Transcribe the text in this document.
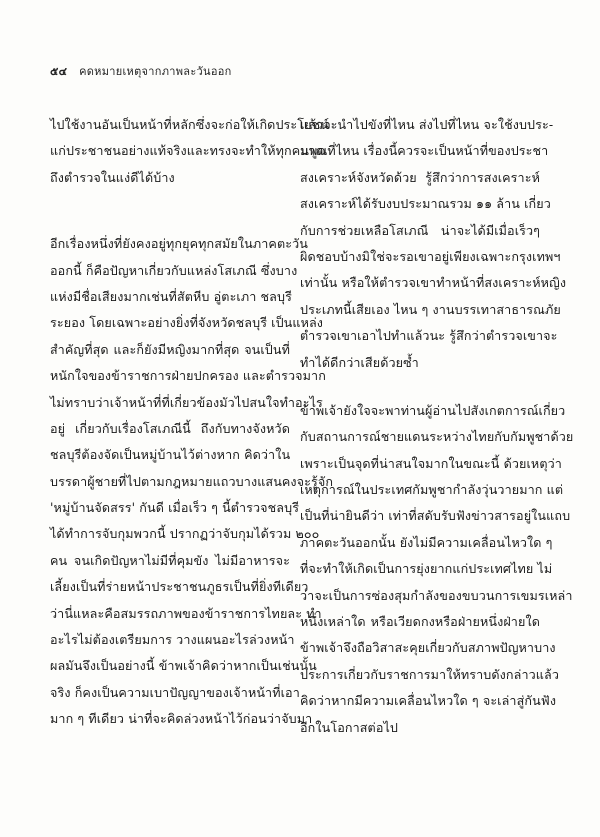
๕๔ คดหมายเหตุจากภาพละวันออก
ไปใช้งานอันเป็นหน้าที่หลักซึ่งจะก่อให้เกิดประโยชน์
แก่ประชาชนอย่างแท้จริงและทรงจะทำให้ทุกคนพูด
ถึงตำรวจในแง่ดีได้บ้าง
อีกเรื่องหนึ่งที่ยังคงอยู่ทุกยุคทุกสมัยในภาคตะวัน
ออกนี้ ก็คือปัญหาเกี่ยวกับแหล่งโสเภณี ซึ่งบาง
แห่งมีชื่อเสียงมากเช่นที่สัตหีบ อู่ตะเภา ชลบุรี
ระยอง โดยเฉพาะอย่างยิ่งที่จังหวัดชลบุรี เป็นแหล่ง
สำคัญที่สุด และก็ยังมีหญิงมากที่สุด จนเป็นที่
หนักใจของข้าราชการฝ่ายปกครอง และตำรวจมาก
ไม่ทราบว่าเจ้าหน้าที่ที่เกี่ยวข้องมัวไปสนใจทำอะไร
อยู่ เกี่ยวกับเรื่องโสเภณีนี้ ถึงกับทางจังหวัด
ชลบุรีต้องจัดเป็นหมู่บ้านไว้ต่างหาก คิดว่าใน
บรรดาผู้ชายที่ไปตามกฎหมายแถวบางแสนคงจะรู้จัก
'หมู่บ้านจัดสรร' กันดี เมื่อเร็ว ๆ นี้ตำรวจชลบุรี
ได้ทำการจับกุมพวกนี้ ปรากฏว่าจับกุมได้รวม ๒๐๐
คน จนเกิดปัญหาไม่มีที่คุมขัง ไม่มีอาหารจะ
เลี้ยงเป็นที่ร่ายหน้าประชาชนภูธรเป็นที่ยิ่งทีเดียว
ว่านี่แหละคือสมรรถภาพของข้าราชการไทยละ ทำ
อะไรไม่ต้องเตรียมการ วางแผนอะไรล่วงหน้า
ผลมันจึงเป็นอย่างนี้ ข้าพเจ้าคิดว่าหากเป็นเช่นนั้น
จริง ก็คงเป็นความเบาปัญญาของเจ้าหน้าที่เอา
มาก ๆ ทีเดียว น่าที่จะคิดล่วงหน้าไว้ก่อนว่าจับมา
แล้วจะนำไปขังที่ไหน ส่งไปที่ไหน จะใช้งบประ-
มาณที่ไหน เรื่องนี้ควรจะเป็นหน้าที่ของประชา
สงเคราะห์จังหวัดด้วย รู้สึกว่าการสงเคราะห์
สงเคราะห์ได้รับงบประมาณรวม ๑๑ ล้าน เกี่ยว
กับการช่วยเหลือโสเภณี น่าจะได้มีเมื่อเร็วๆ
ผิดชอบบ้างมิใช่จะรอเขาอยู่เพียงเฉพาะกรุงเทพฯ
เท่านั้น หรือให้ตำรวจเขาทำหน้าที่สงเคราะห์หญิง
ประเภทนี้เสียเอง ไหน ๆ งานบรรเทาสาธารณภัย
ตำรวจเขาเอาไปทำแล้วนะ รู้สึกว่าตำรวจเขาจะ
ทำได้ดีกว่าเสียด้วยซ้ำ
ข้าพเจ้ายังใจจะพาท่านผู้อ่านไปสังเกตการณ์เกี่ยว
กับสถานการณ์ชายแดนระหว่างไทยกับกัมพูชาด้วย
เพราะเป็นจุดที่น่าสนใจมากในขณะนี้ ด้วยเหตุว่า
เหตุการณ์ในประเทศกัมพูชากำลังวุ่นวายมาก แต่
เป็นที่น่ายินดีว่า เท่าที่สดับรับฟังข่าวสารอยู่ในแถบ
ภาคตะวันออกนั้น ยังไม่มีความเคลื่อนไหวใด ๆ
ที่จะทำให้เกิดเป็นการยุ่งยากแก่ประเทศไทย ไม่
ว่าจะเป็นการซ่องสุมกำลังของขบวนการเขมรเหล่า
หนึ่งเหล่าใด หรือเวียดกงหรือฝ่ายหนึ่งฝ่ายใด
ข้าพเจ้าจึงถือวิสาสะคุยเกี่ยวกับสภาพปัญหาบาง
ประการเกี่ยวกับราชการมาให้ทราบดังกล่าวแล้ว
คิดว่าหากมีความเคลื่อนไหวใด ๆ จะเล่าสู่กันฟัง
อีกในโอกาสต่อไป
